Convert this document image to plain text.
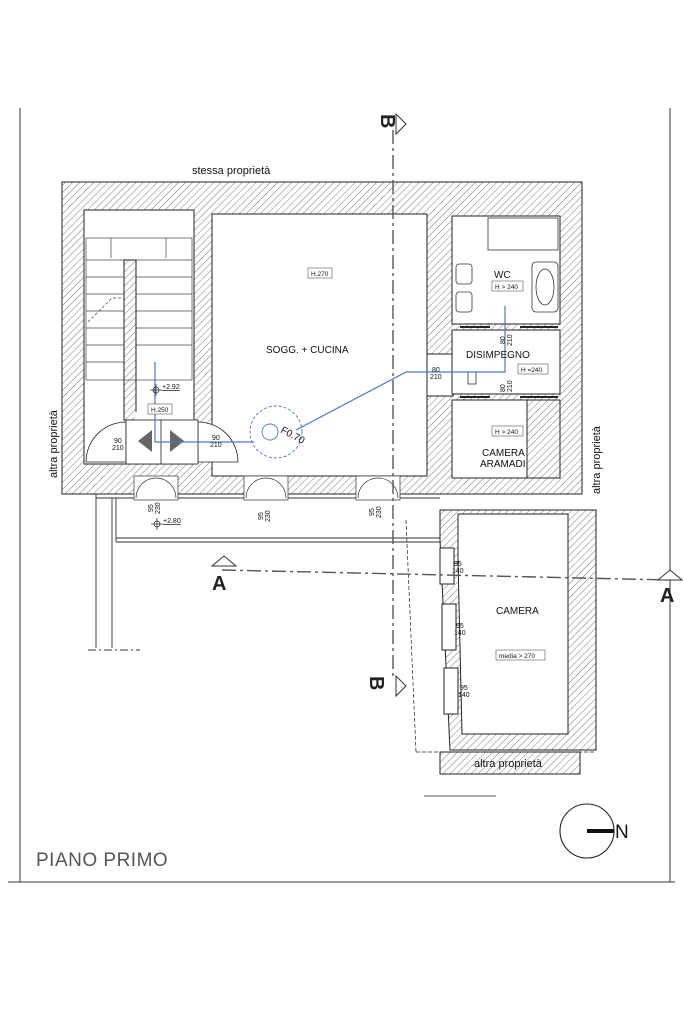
B
B
A
A
stessa proprietà
altra proprietà	altra proprietà
altra proprietà
SOGG. + CUCINA
H.270	WC
H > 240
DISIMPEGNO
H =240
H > 240
CAMERA
ARAMADI
CAMERA
media > 270
H.250
+2.92
+2.80
F0.70
90
210
90
210
80
210
80 210
80 210
95 230
95 230	95 230
95
140
95
140
95
140
N
PIANO PRIMO
